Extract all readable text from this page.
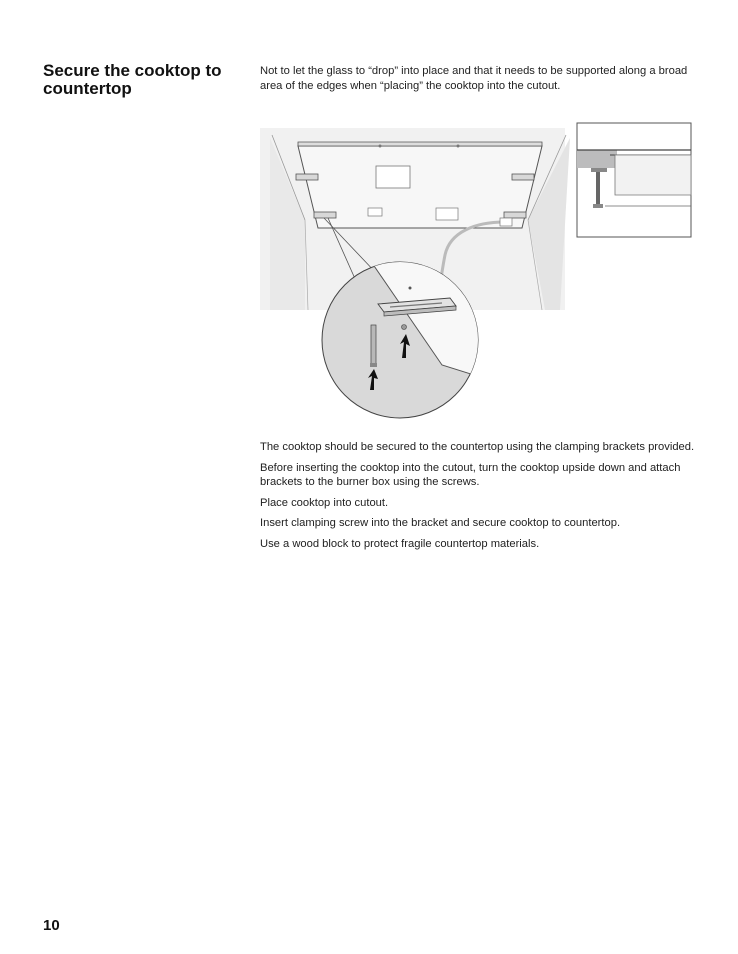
Secure the cooktop to countertop

Not to let the glass to “drop” into place and that it needs to be supported along a broad area of the edges when “placing” the cooktop into the cutout.

The cooktop should be secured to the countertop using the clamping brackets provided.

Before inserting the cooktop into the cutout, turn the cooktop upside down and attach brackets to the burner box using the screws.

Place cooktop into cutout.

Insert clamping screw into the bracket and secure cooktop to countertop.

Use a wood block to protect fragile countertop materials.

10
